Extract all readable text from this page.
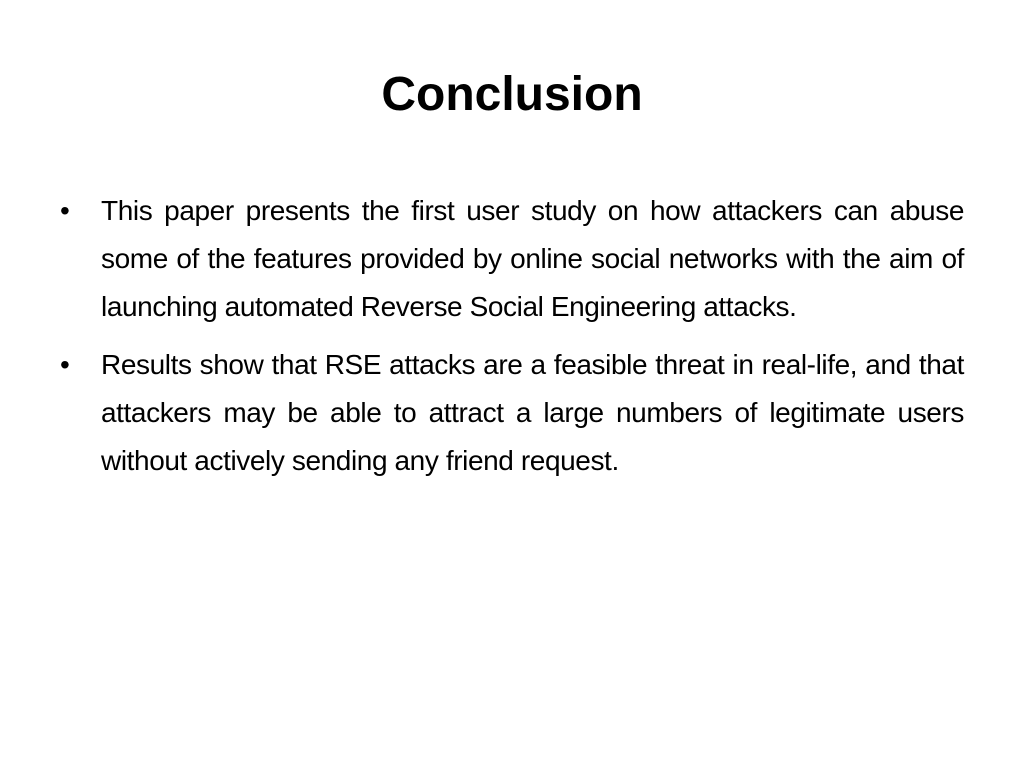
Conclusion
• This paper presents the first user study on how attackers can abuse some of the features provided by online social networks with the aim of launching automated Reverse Social Engineering attacks.
• Results show that RSE attacks are a feasible threat in real-life, and that attackers may be able to attract a large numbers of legitimate users without actively sending any friend request.
